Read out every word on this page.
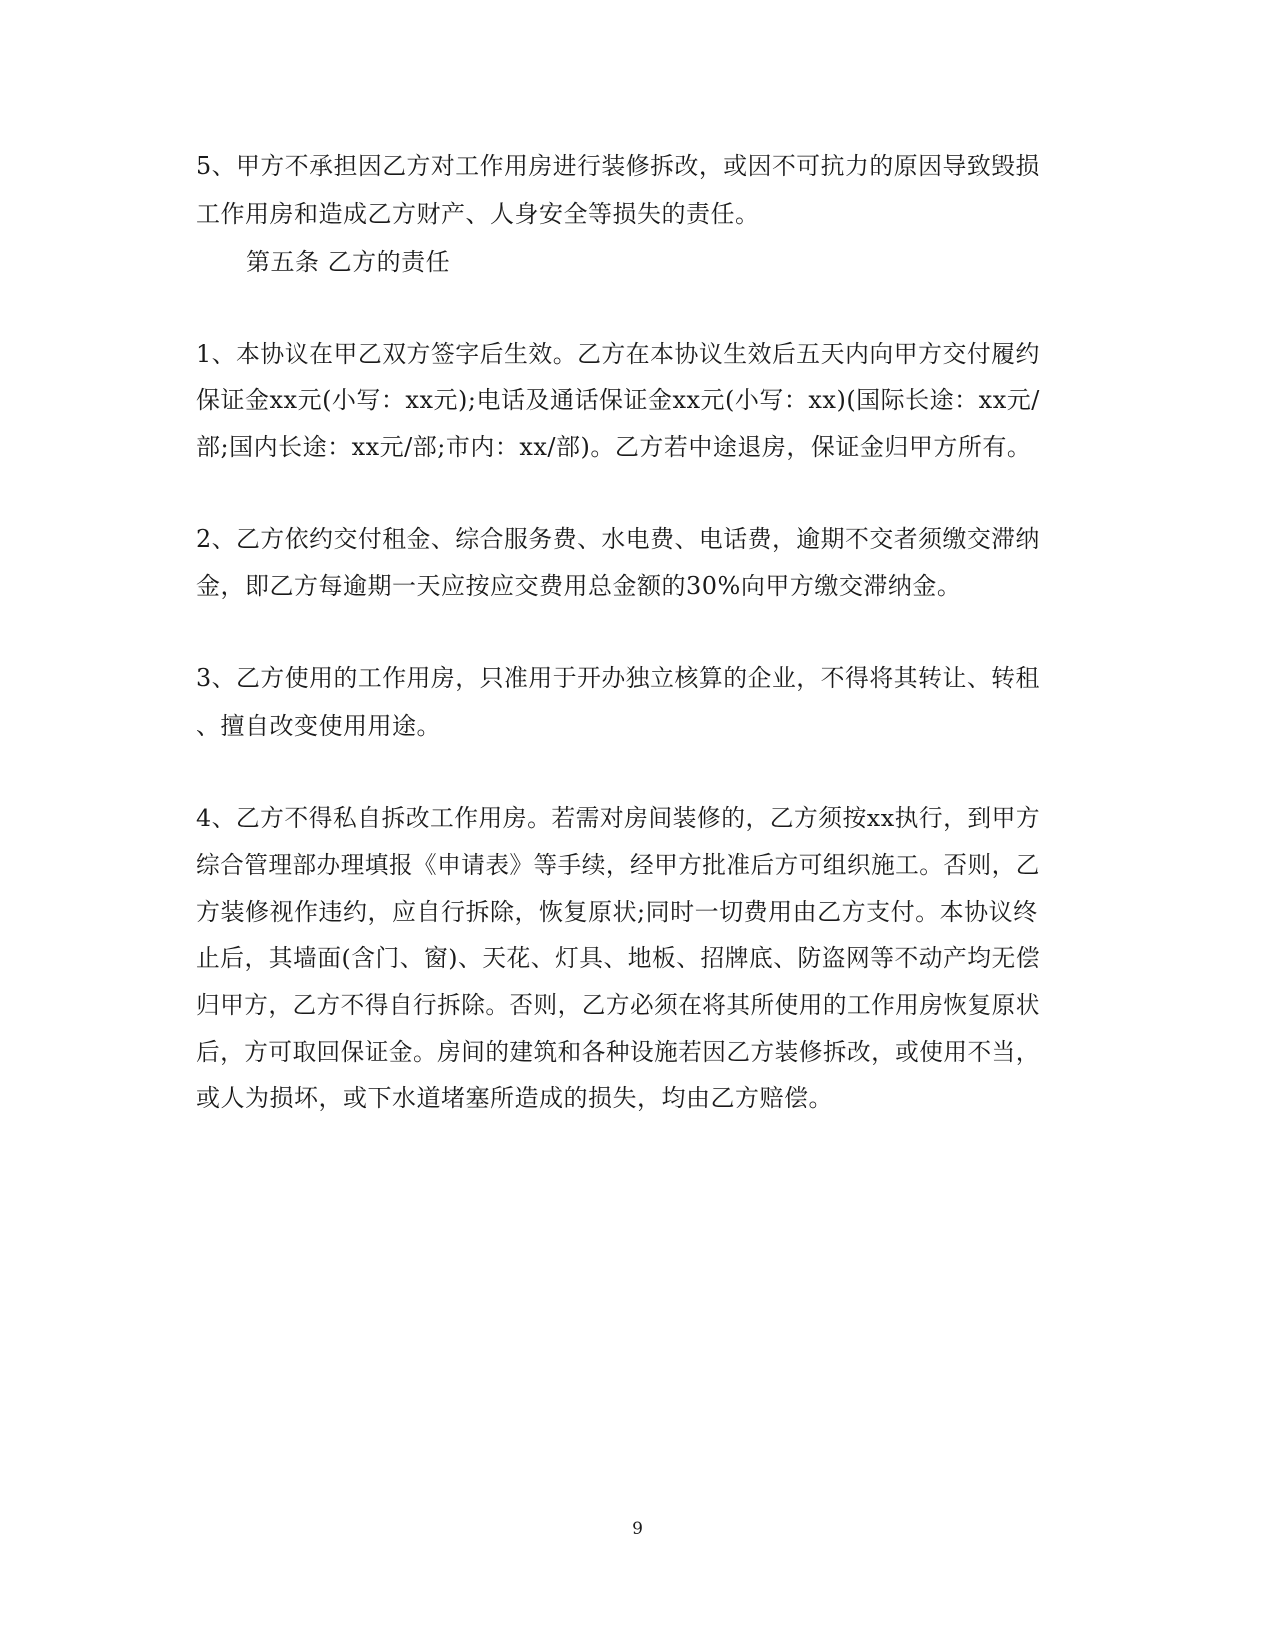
5、甲方不承担因乙方对工作用房进行装修拆改，或因不可抗力的原因导致毁损
工作用房和造成乙方财产、人身安全等损失的责任。
第五条 乙方的责任
1、本协议在甲乙双方签字后生效。乙方在本协议生效后五天内向甲方交付履约
保证金xx元(小写：xx元);电话及通话保证金xx元(小写：xx)(国际长途：xx元/
部;国内长途：xx元/部;市内：xx/部)。乙方若中途退房，保证金归甲方所有。
2、乙方依约交付租金、综合服务费、水电费、电话费，逾期不交者须缴交滞纳
金，即乙方每逾期一天应按应交费用总金额的30%向甲方缴交滞纳金。
3、乙方使用的工作用房，只准用于开办独立核算的企业，不得将其转让、转租
、擅自改变使用用途。
4、乙方不得私自拆改工作用房。若需对房间装修的，乙方须按xx执行，到甲方
综合管理部办理填报《申请表》等手续，经甲方批准后方可组织施工。否则，乙
方装修视作违约，应自行拆除，恢复原状;同时一切费用由乙方支付。本协议终
止后，其墙面(含门、窗)、天花、灯具、地板、招牌底、防盗网等不动产均无偿
归甲方，乙方不得自行拆除。否则，乙方必须在将其所使用的工作用房恢复原状
后，方可取回保证金。房间的建筑和各种设施若因乙方装修拆改，或使用不当，
或人为损坏，或下水道堵塞所造成的损失，均由乙方赔偿。
9
